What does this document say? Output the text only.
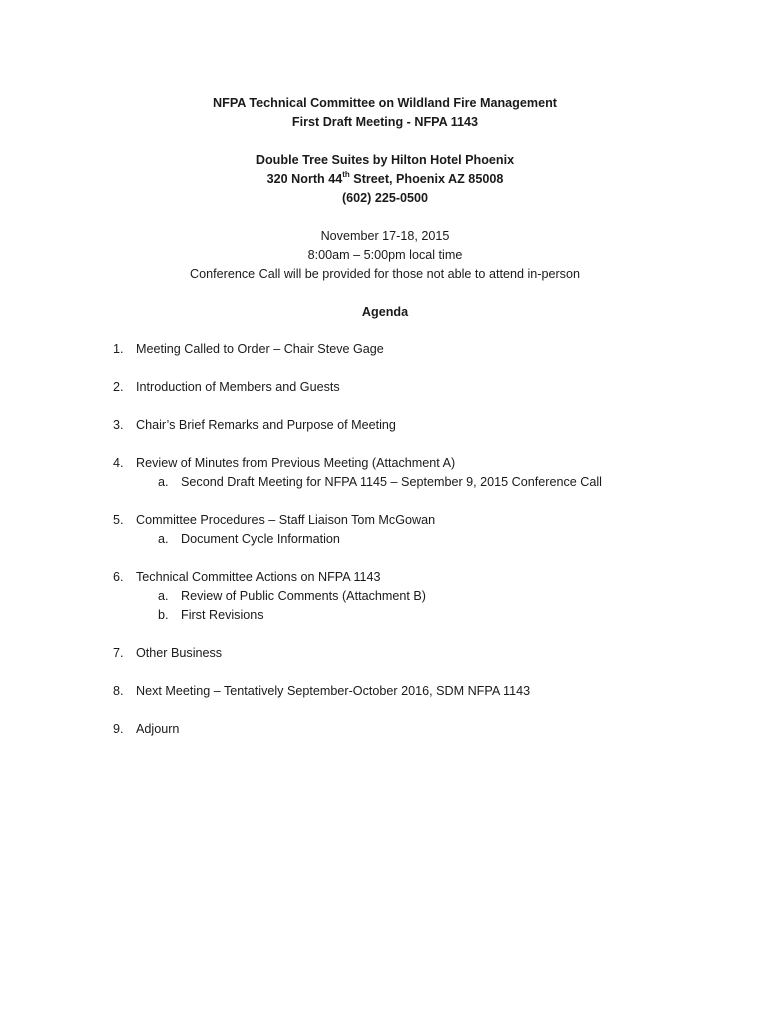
NFPA Technical Committee on Wildland Fire Management
First Draft Meeting - NFPA 1143
Double Tree Suites by Hilton Hotel Phoenix
320 North 44th Street, Phoenix AZ 85008
(602) 225-0500
November 17-18, 2015
8:00am – 5:00pm local time
Conference Call will be provided for those not able to attend in-person
Agenda
1. Meeting Called to Order – Chair Steve Gage
2. Introduction of Members and Guests
3. Chair’s Brief Remarks and Purpose of Meeting
4. Review of Minutes from Previous Meeting (Attachment A)
a. Second Draft Meeting for NFPA 1145 – September 9, 2015 Conference Call
5. Committee Procedures – Staff Liaison Tom McGowan
a. Document Cycle Information
6. Technical Committee Actions on NFPA 1143
a. Review of Public Comments (Attachment B)
b. First Revisions
7. Other Business
8. Next Meeting – Tentatively September-October 2016, SDM NFPA 1143
9. Adjourn
